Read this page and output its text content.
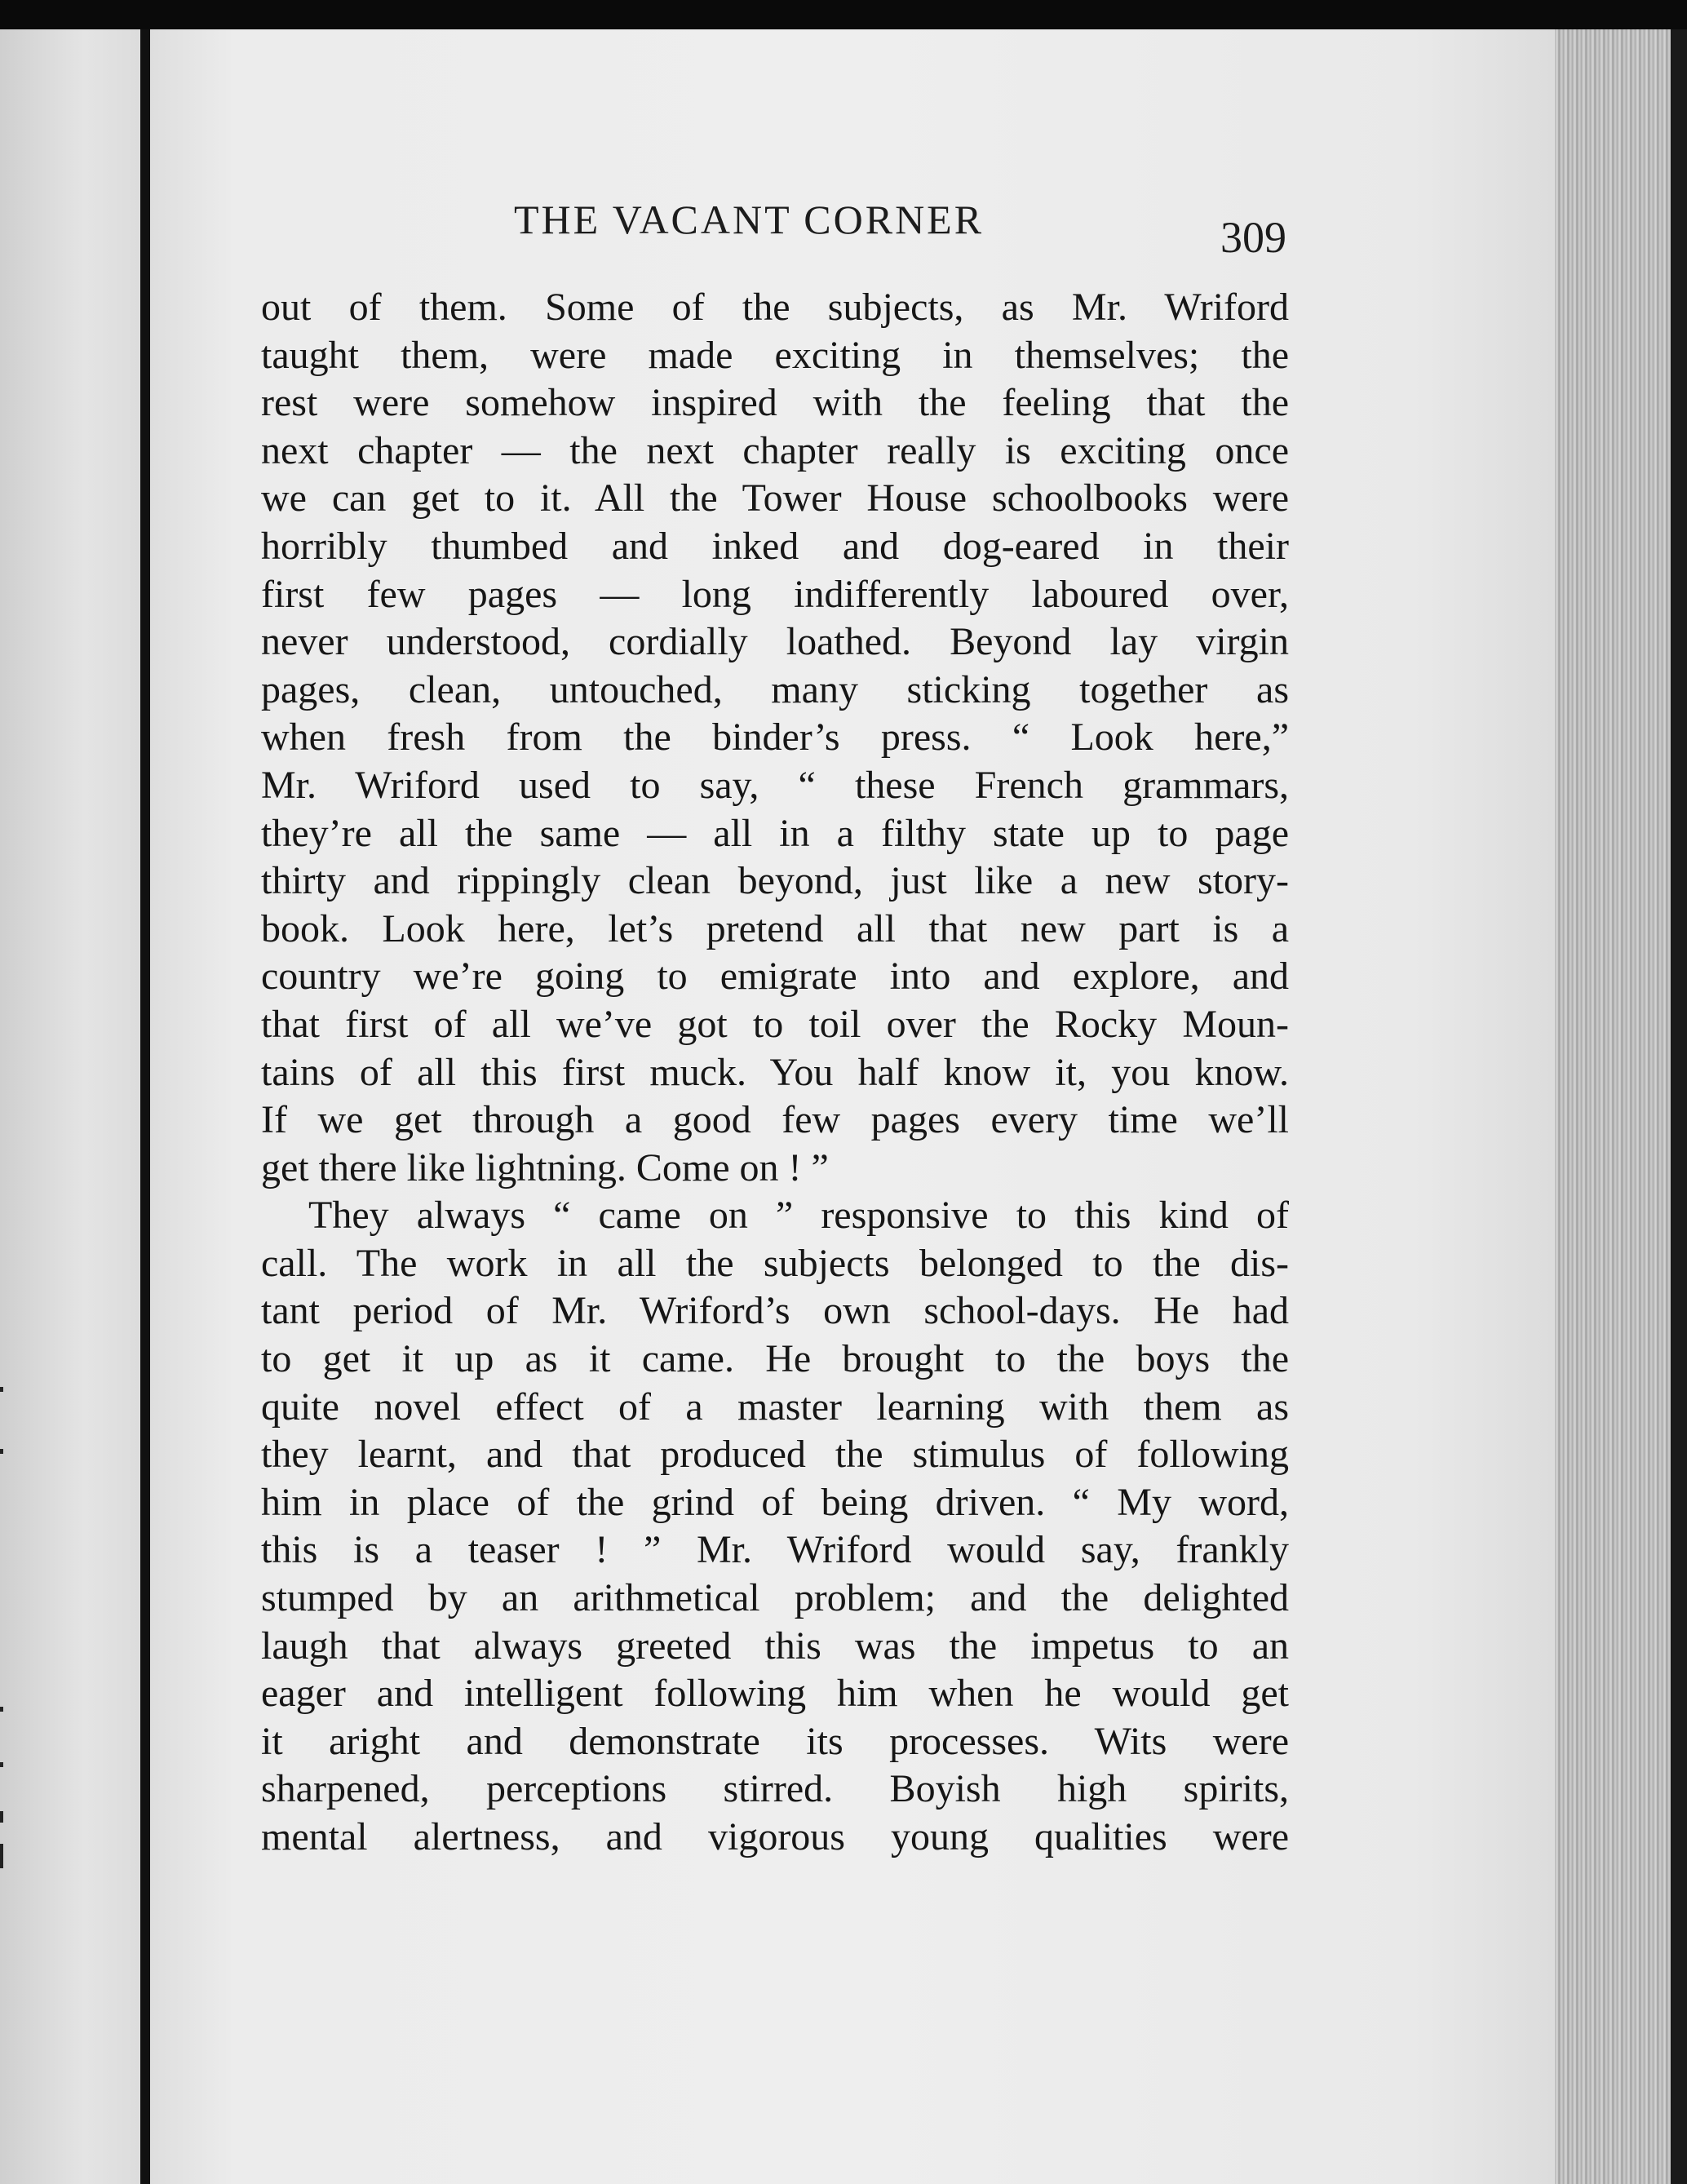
THE VACANT CORNER	309
out of them. Some of the subjects, as Mr. Wriford
taught them, were made exciting in themselves; the
rest were somehow inspired with the feeling that the
next chapter — the next chapter really is exciting once
we can get to it. All the Tower House schoolbooks were
horribly thumbed and inked and dog-eared in their
first few pages — long indifferently laboured over,
never understood, cordially loathed. Beyond lay virgin
pages, clean, untouched, many sticking together as
when fresh from the binder’s press. “ Look here,”
Mr. Wriford used to say, “ these French grammars,
they’re all the same — all in a filthy state up to page
thirty and rippingly clean beyond, just like a new story-
book. Look here, let’s pretend all that new part is a
country we’re going to emigrate into and explore, and
that first of all we’ve got to toil over the Rocky Moun-
tains of all this first muck. You half know it, you know.
If we get through a good few pages every time we’ll
get there like lightning. Come on ! ”
They always “ came on ” responsive to this kind of
call. The work in all the subjects belonged to the dis-
tant period of Mr. Wriford’s own school-days. He had
to get it up as it came. He brought to the boys the
quite novel effect of a master learning with them as
they learnt, and that produced the stimulus of following
him in place of the grind of being driven. “ My word,
this is a teaser ! ” Mr. Wriford would say, frankly
stumped by an arithmetical problem; and the delighted
laugh that always greeted this was the impetus to an
eager and intelligent following him when he would get
it aright and demonstrate its processes. Wits were
sharpened, perceptions stirred. Boyish high spirits,
mental alertness, and vigorous young qualities were
